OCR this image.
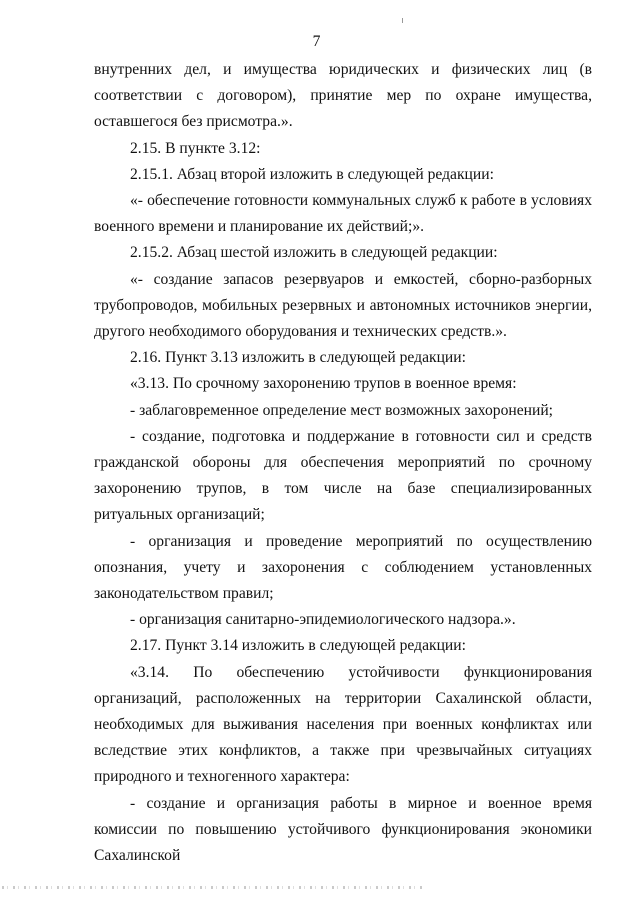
7

внутренних дел, и имущества юридических и физических лиц (в соответствии с договором), принятие мер по охране имущества, оставшегося без присмотра.».

2.15. В пункте 3.12:

2.15.1. Абзац второй изложить в следующей редакции:

«- обеспечение готовности коммунальных служб к работе в условиях военного времени и планирование их действий;».

2.15.2. Абзац шестой изложить в следующей редакции:

«- создание запасов резервуаров и емкостей, сборно-разборных трубопроводов, мобильных резервных и автономных источников энергии, другого необходимого оборудования и технических средств.».

2.16. Пункт 3.13 изложить в следующей редакции:

«3.13. По срочному захоронению трупов в военное время:

- заблаговременное определение мест возможных захоронений;

- создание, подготовка и поддержание в готовности сил и средств гражданской обороны для обеспечения мероприятий по срочному захоронению трупов, в том числе на базе специализированных ритуальных организаций;

- организация и проведение мероприятий по осуществлению опознания, учету и захоронения с соблюдением установленных законодательством правил;

- организация санитарно-эпидемиологического надзора.».

2.17. Пункт 3.14 изложить в следующей редакции:

«3.14. По обеспечению устойчивости функционирования организаций, расположенных на территории Сахалинской области, необходимых для выживания населения при военных конфликтах или вследствие этих конфликтов, а также при чрезвычайных ситуациях природного и техногенного характера:

- создание и организация работы в мирное и военное время комиссии по повышению устойчивого функционирования экономики Сахалинской
